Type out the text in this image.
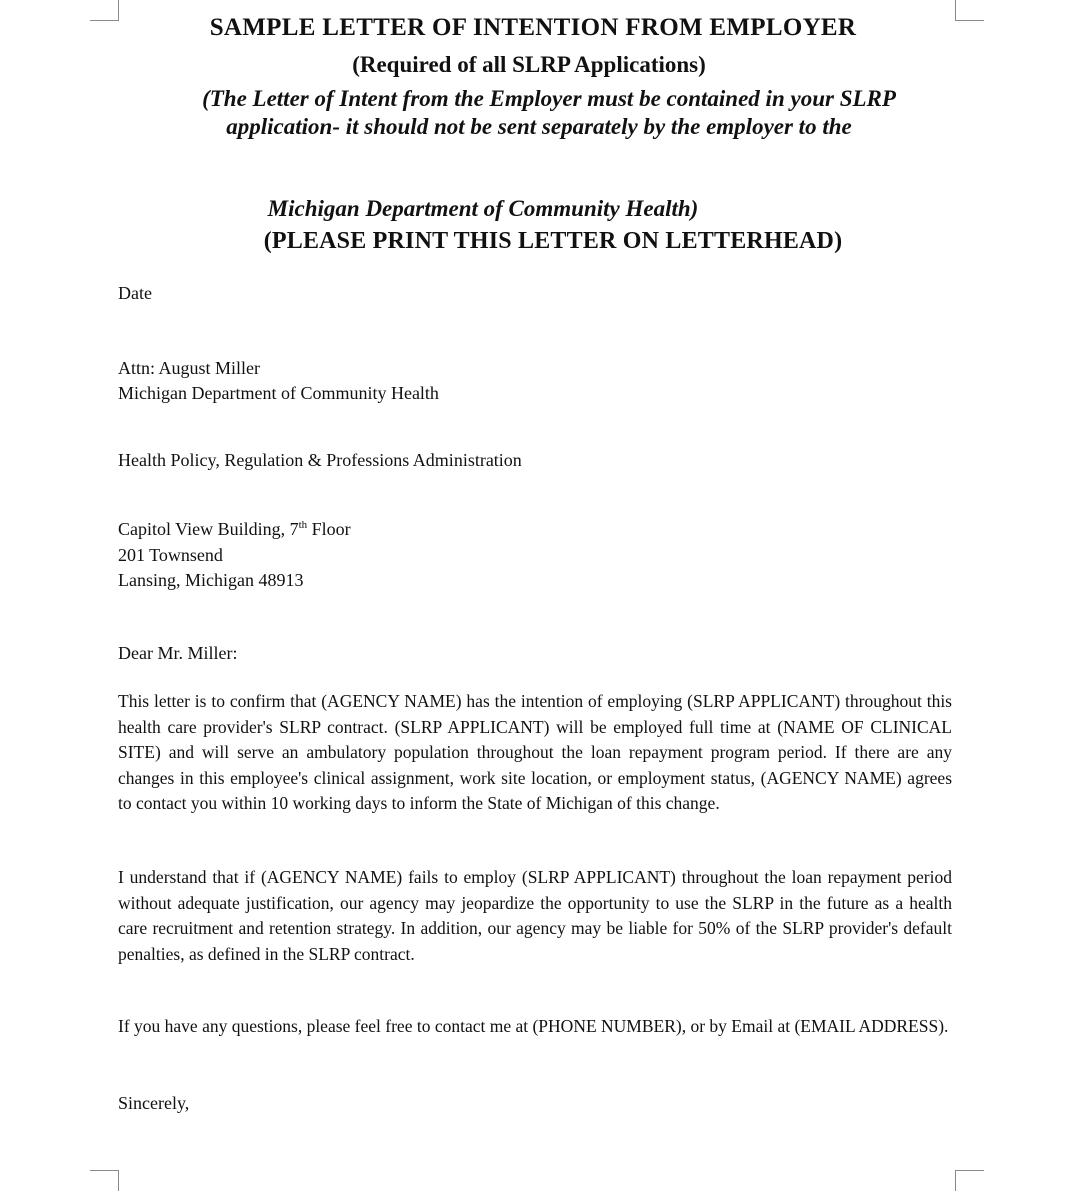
SAMPLE LETTER OF INTENTION FROM EMPLOYER
(Required of all SLRP Applications)
(The Letter of Intent from the Employer must be contained in your SLRP
application- it should not be sent separately by the employer to the
Michigan Department of Community Health)
(PLEASE PRINT THIS LETTER ON LETTERHEAD)
Date
Attn: August Miller
Michigan Department of Community Health
Health Policy, Regulation & Professions Administration
Capitol View Building, 7th Floor
201 Townsend
Lansing, Michigan 48913
Dear Mr. Miller:
This letter is to confirm that (AGENCY NAME) has the intention of employing (SLRP APPLICANT) throughout this health care provider's SLRP contract. (SLRP APPLICANT) will be employed full time at (NAME OF CLINICAL SITE) and will serve an ambulatory population throughout the loan repayment program period. If there are any changes in this employee's clinical assignment, work site location, or employment status, (AGENCY NAME) agrees to contact you within 10 working days to inform the State of Michigan of this change.
I understand that if (AGENCY NAME) fails to employ (SLRP APPLICANT) throughout the loan repayment period without adequate justification, our agency may jeopardize the opportunity to use the SLRP in the future as a health care recruitment and retention strategy. In addition, our agency may be liable for 50% of the SLRP provider's default penalties, as defined in the SLRP contract.
If you have any questions, please feel free to contact me at (PHONE NUMBER), or by Email at (EMAIL ADDRESS).
Sincerely,
